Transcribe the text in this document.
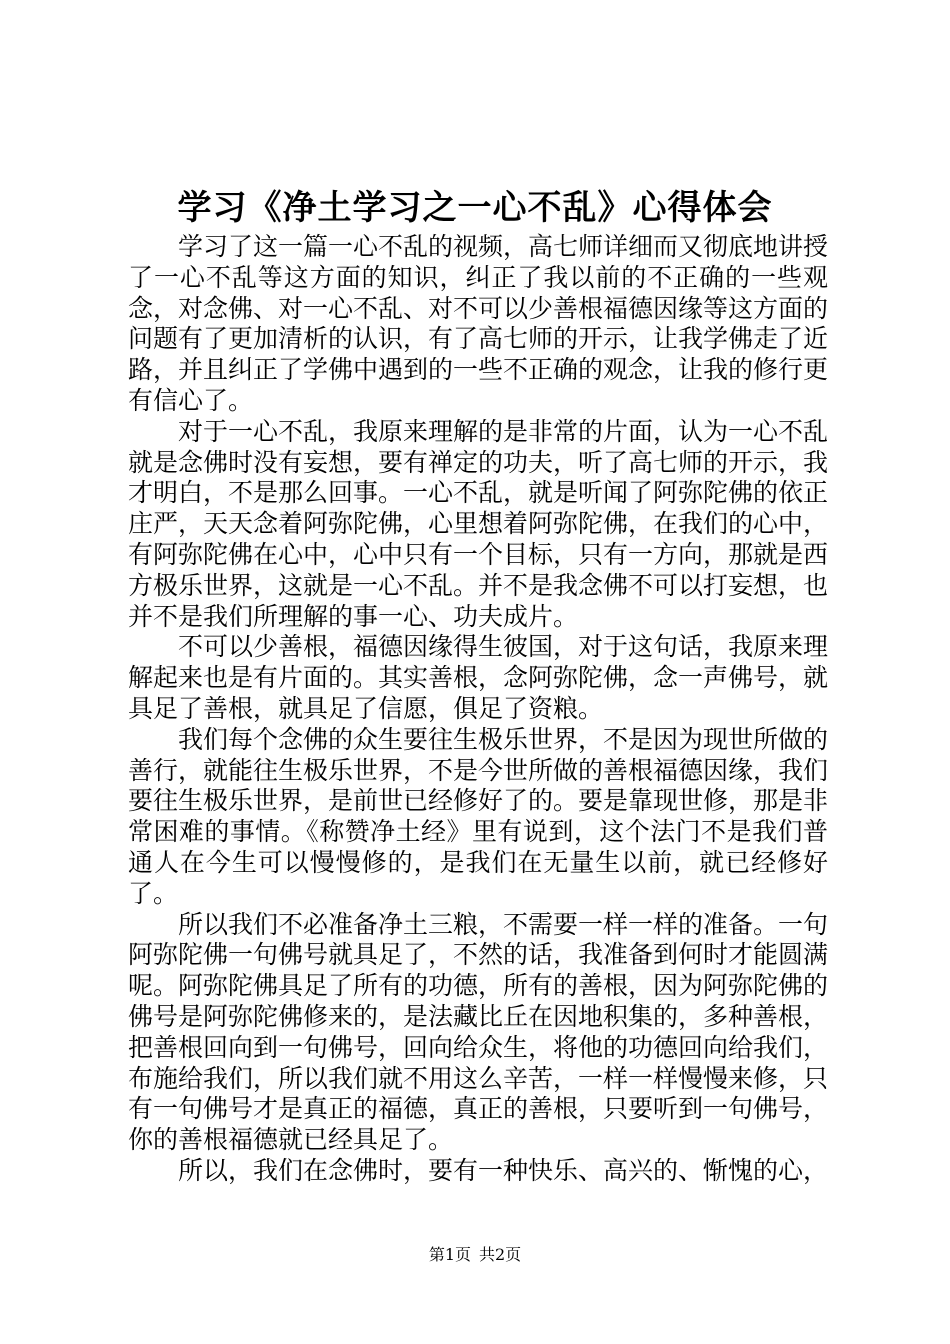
学习《净土学习之一心不乱》心得体会

学习了这一篇一心不乱的视频，高七师详细而又彻底地讲授了一心不乱等这方面的知识，纠正了我以前的不正确的一些观念，对念佛、对一心不乱、对不可以少善根福德因缘等这方面的问题有了更加清析的认识，有了高七师的开示，让我学佛走了近路，并且纠正了学佛中遇到的一些不正确的观念，让我的修行更有信心了。

对于一心不乱，我原来理解的是非常的片面，认为一心不乱就是念佛时没有妄想，要有禅定的功夫，听了高七师的开示，我才明白，不是那么回事。一心不乱，就是听闻了阿弥陀佛的依正庄严，天天念着阿弥陀佛，心里想着阿弥陀佛，在我们的心中，有阿弥陀佛在心中，心中只有一个目标，只有一方向，那就是西方极乐世界，这就是一心不乱。并不是我念佛不可以打妄想，也并不是我们所理解的事一心、功夫成片。

不可以少善根，福德因缘得生彼国，对于这句话，我原来理解起来也是有片面的。其实善根，念阿弥陀佛，念一声佛号，就具足了善根，就具足了信愿，俱足了资粮。

我们每个念佛的众生要往生极乐世界，不是因为现世所做的善行，就能往生极乐世界，不是今世所做的善根福德因缘，我们要往生极乐世界，是前世已经修好了的。要是靠现世修，那是非常困难的事情。《称赞净土经》里有说到，这个法门不是我们普通人在今生可以慢慢修的，是我们在无量生以前，就已经修好了。

所以我们不必准备净土三粮，不需要一样一样的准备。一句阿弥陀佛一句佛号就具足了，不然的话，我准备到何时才能圆满呢。阿弥陀佛具足了所有的功德，所有的善根，因为阿弥陀佛的佛号是阿弥陀佛修来的，是法藏比丘在因地积集的，多种善根，把善根回向到一句佛号，回向给众生，将他的功德回向给我们，布施给我们，所以我们就不用这么辛苦，一样一样慢慢来修，只有一句佛号才是真正的福德，真正的善根，只要听到一句佛号，你的善根福德就已经具足了。

所以，我们在念佛时，要有一种快乐、高兴的、惭愧的心，

第1页 共2页
